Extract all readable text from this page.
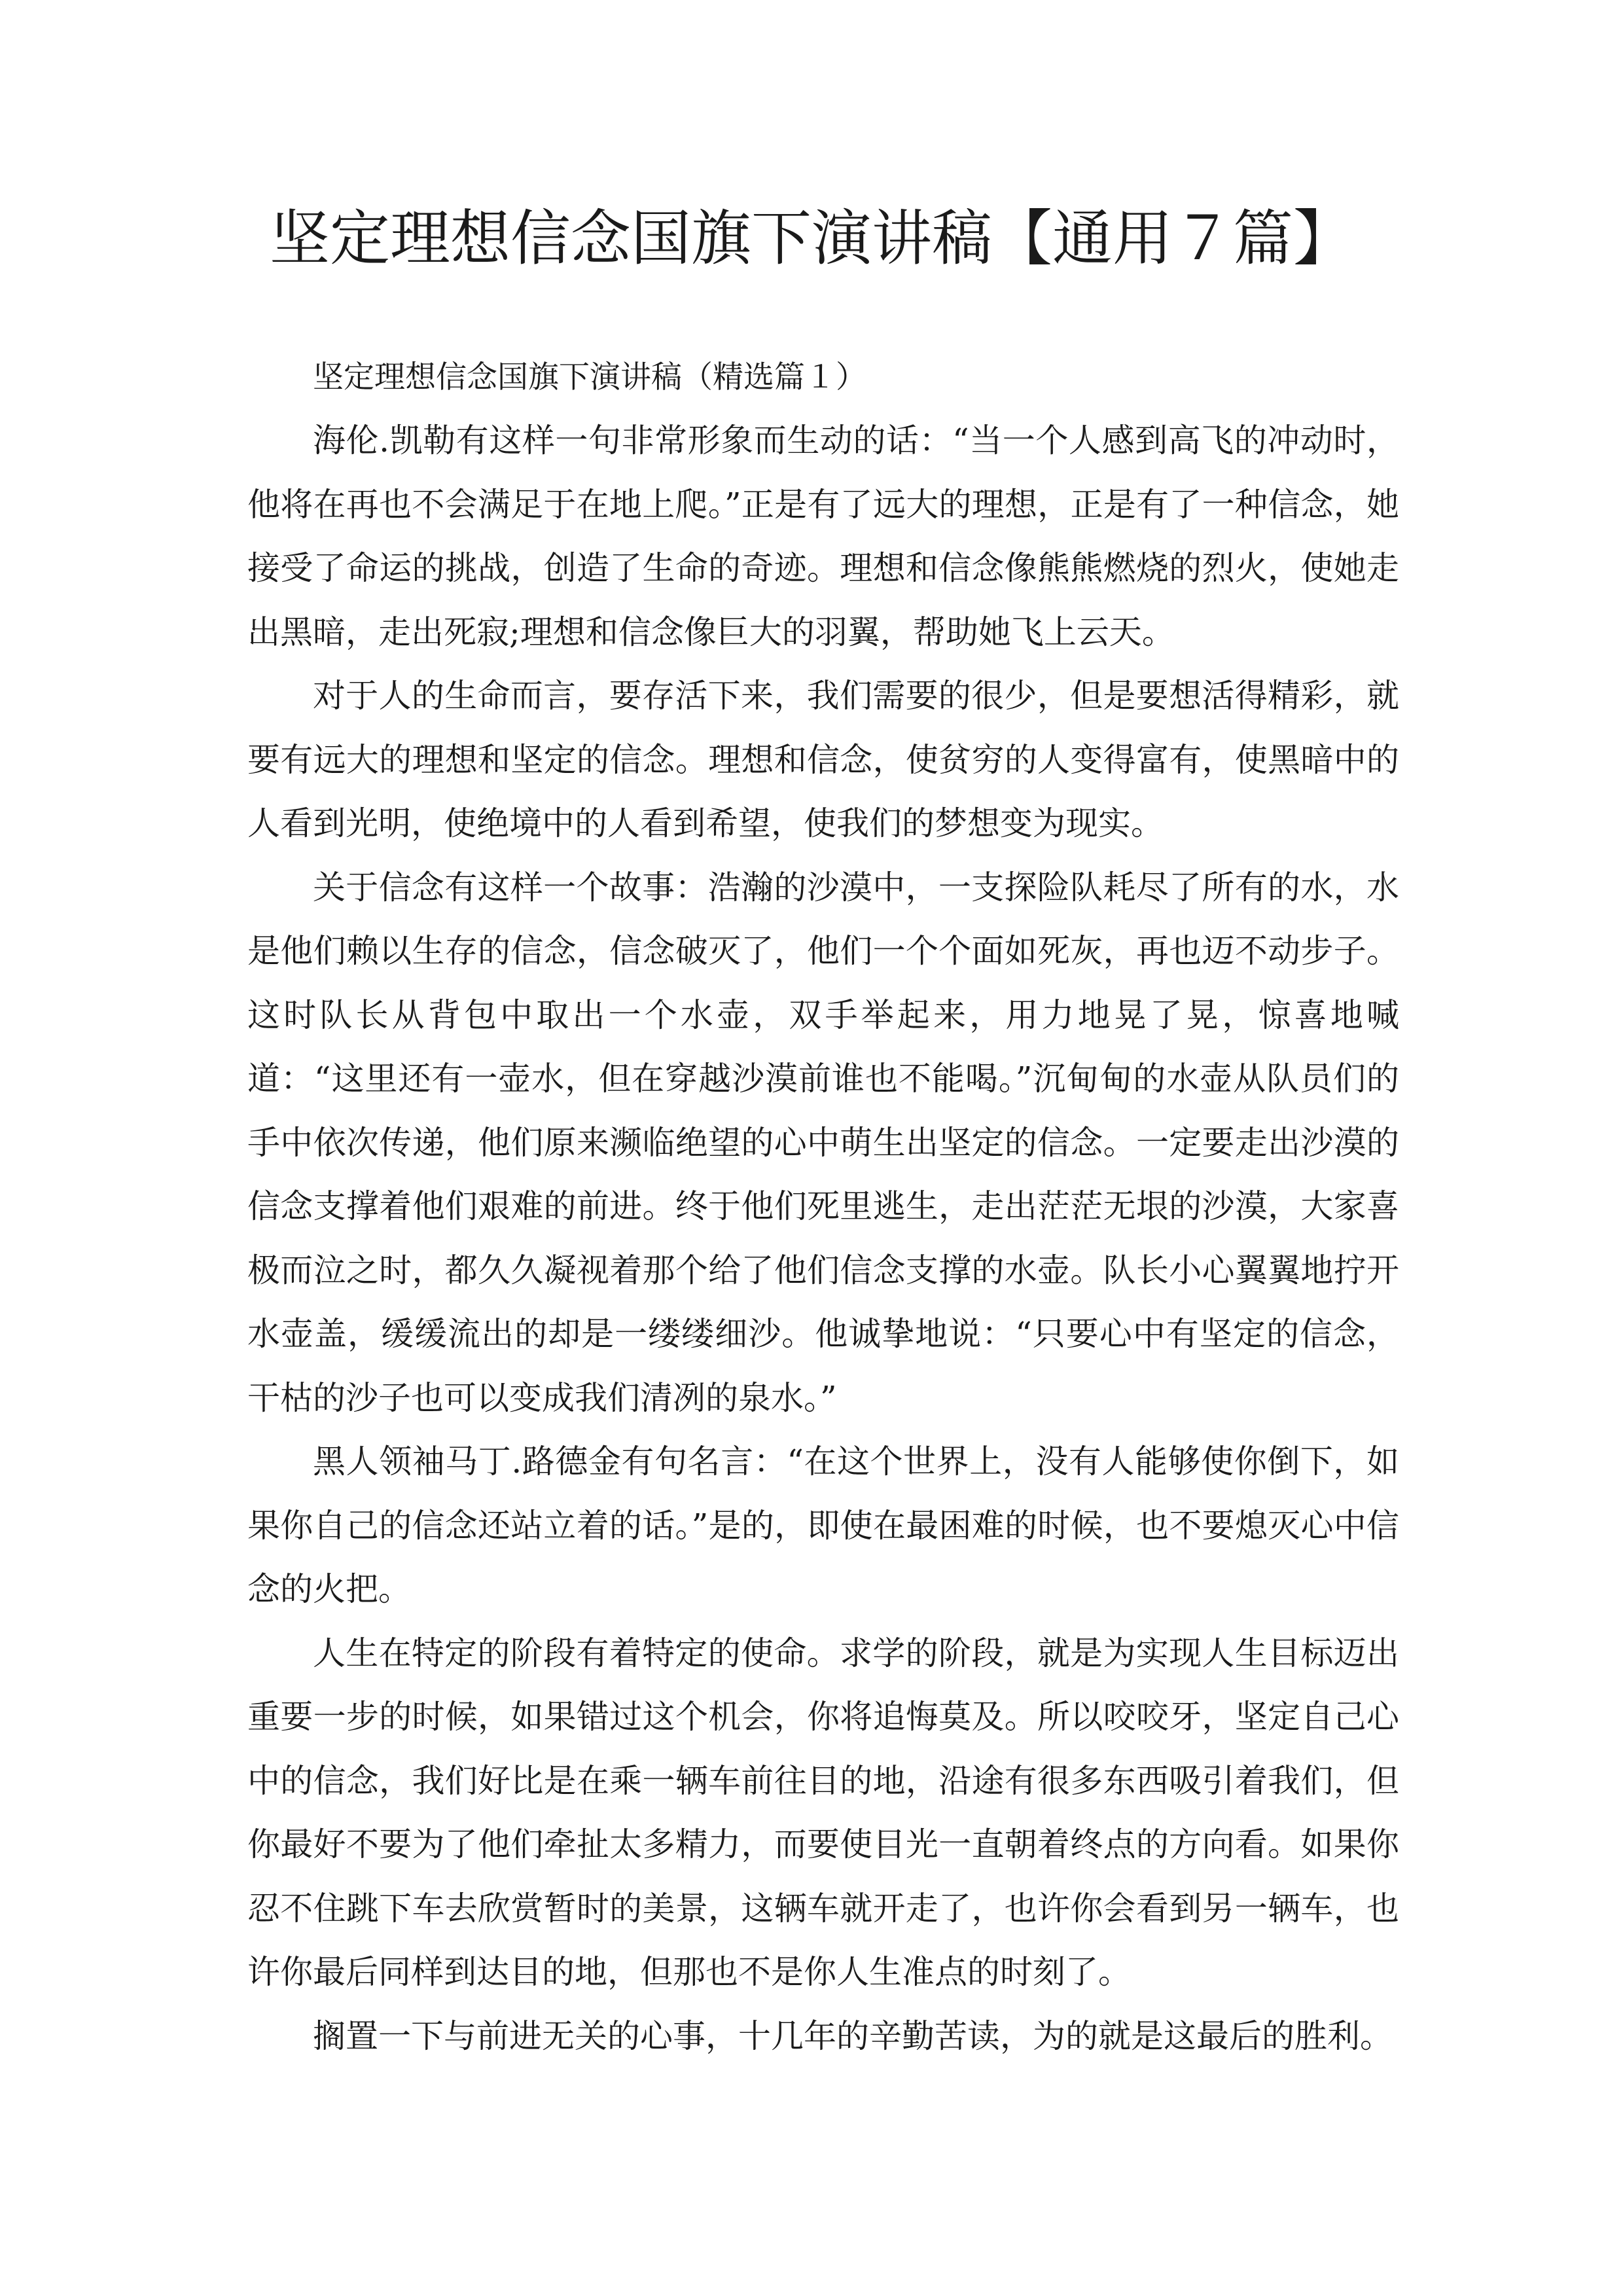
坚定理想信念国旗下演讲稿【通用７篇】

坚定理想信念国旗下演讲稿（精选篇１）

海伦.凯勒有这样一句非常形象而生动的话：“当一个人感到高飞的冲动时，他将在再也不会满足于在地上爬。”正是有了远大的理想，正是有了一种信念，她接受了命运的挑战，创造了生命的奇迹。理想和信念像熊熊燃烧的烈火，使她走出黑暗，走出死寂;理想和信念像巨大的羽翼，帮助她飞上云天。

对于人的生命而言，要存活下来，我们需要的很少，但是要想活得精彩，就要有远大的理想和坚定的信念。理想和信念，使贫穷的人变得富有，使黑暗中的人看到光明，使绝境中的人看到希望，使我们的梦想变为现实。

关于信念有这样一个故事：浩瀚的沙漠中，一支探险队耗尽了所有的水，水是他们赖以生存的信念，信念破灭了，他们一个个面如死灰，再也迈不动步子。这时队长从背包中取出一个水壶，双手举起来，用力地晃了晃，惊喜地喊道：“这里还有一壶水，但在穿越沙漠前谁也不能喝。”沉甸甸的水壶从队员们的手中依次传递，他们原来濒临绝望的心中萌生出坚定的信念。一定要走出沙漠的信念支撑着他们艰难的前进。终于他们死里逃生，走出茫茫无垠的沙漠，大家喜极而泣之时，都久久凝视着那个给了他们信念支撑的水壶。队长小心翼翼地拧开水壶盖，缓缓流出的却是一缕缕细沙。他诚挚地说：“只要心中有坚定的信念，干枯的沙子也可以变成我们清冽的泉水。”

黑人领袖马丁.路德金有句名言：“在这个世界上，没有人能够使你倒下，如果你自己的信念还站立着的话。”是的，即使在最困难的时候，也不要熄灭心中信念的火把。

人生在特定的阶段有着特定的使命。求学的阶段，就是为实现人生目标迈出重要一步的时候，如果错过这个机会，你将追悔莫及。所以咬咬牙，坚定自己心中的信念，我们好比是在乘一辆车前往目的地，沿途有很多东西吸引着我们，但你最好不要为了他们牵扯太多精力，而要使目光一直朝着终点的方向看。如果你忍不住跳下车去欣赏暂时的美景，这辆车就开走了，也许你会看到另一辆车，也许你最后同样到达目的地，但那也不是你人生准点的时刻了。

搁置一下与前进无关的心事，十几年的辛勤苦读，为的就是这最后的胜利。
